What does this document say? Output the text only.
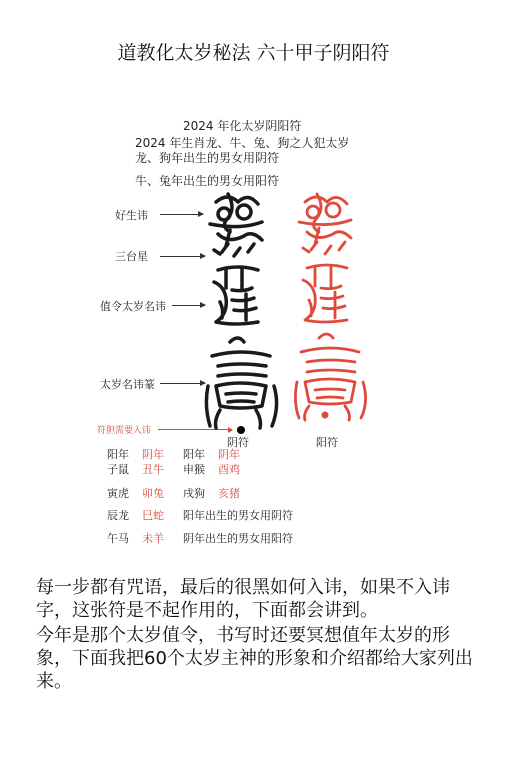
道教化太岁秘法 六十甲子阴阳符
2024 年化太岁阴阳符
2024 年生肖龙、牛、兔、狗之人犯太岁
龙、狗年出生的男女用阴符
牛、兔年出生的男女用阳符
好生讳
三台星
值令太岁名讳
太岁名讳篆
符胆需要入讳
阴符	阳符
阳年 阴年 阳年 阴年
子鼠 丑牛 申猴 酉鸡
寅虎 卯兔 戌狗 亥猪
辰龙 巳蛇 阳年出生的男女用阴符
午马 未羊 阴年出生的男女用阳符
每一步都有咒语，最后的很黑如何入讳，如果不入讳字，这张符是不起作用的，下面都会讲到。
今年是那个太岁值令，书写时还要冥想值年太岁的形象，下面我把60个太岁主神的形象和介绍都给大家列出来。
